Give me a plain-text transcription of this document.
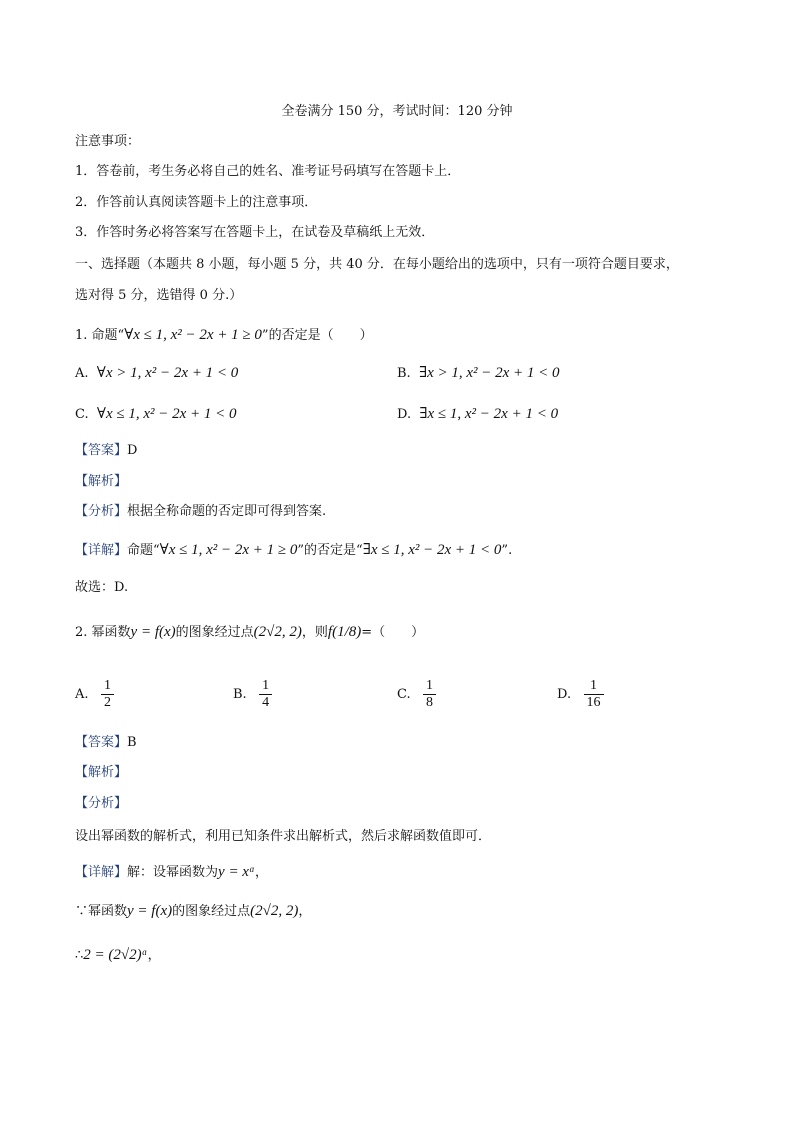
全卷满分 150 分，考试时间：120 分钟
注意事项：
1．答卷前，考生务必将自己的姓名、准考证号码填写在答题卡上．
2．作答前认真阅读答题卡上的注意事项．
3．作答时务必将答案写在答题卡上，在试卷及草稿纸上无效．
一、选择题（本题共 8 小题，每小题 5 分，共 40 分．在每小题给出的选项中，只有一项符合题目要求，
选对得 5 分，选错得 0 分.）
1. 命题“∀x ≤ 1, x² − 2x + 1 ≥ 0”的否定是（　　）
A. ∀x > 1, x² − 2x + 1 < 0	B. ∃x > 1, x² − 2x + 1 < 0
C. ∀x ≤ 1, x² − 2x + 1 < 0	D. ∃x ≤ 1, x² − 2x + 1 < 0
【答案】D
【解析】
【分析】根据全称命题的否定即可得到答案.
【详解】命题“∀x ≤ 1, x² − 2x + 1 ≥ 0”的否定是“∃x ≤ 1, x² − 2x + 1 < 0”.
故选：D.
2. 幂函数y = f(x)的图象经过点(2√2, 2)，则f(1/8)=（　　）
A. $\frac{1}{2}$	B. $\frac{1}{4}$	C. $\frac{1}{8}$	D. $\frac{1}{16}$
【答案】B
【解析】
【分析】
设出幂函数的解析式，利用已知条件求出解析式，然后求解函数值即可．
【详解】解：设幂函数为y = xᵅ，
∵幂函数y = f(x)的图象经过点(2√2, 2)，
∴2 = (2√2)ᵅ，
